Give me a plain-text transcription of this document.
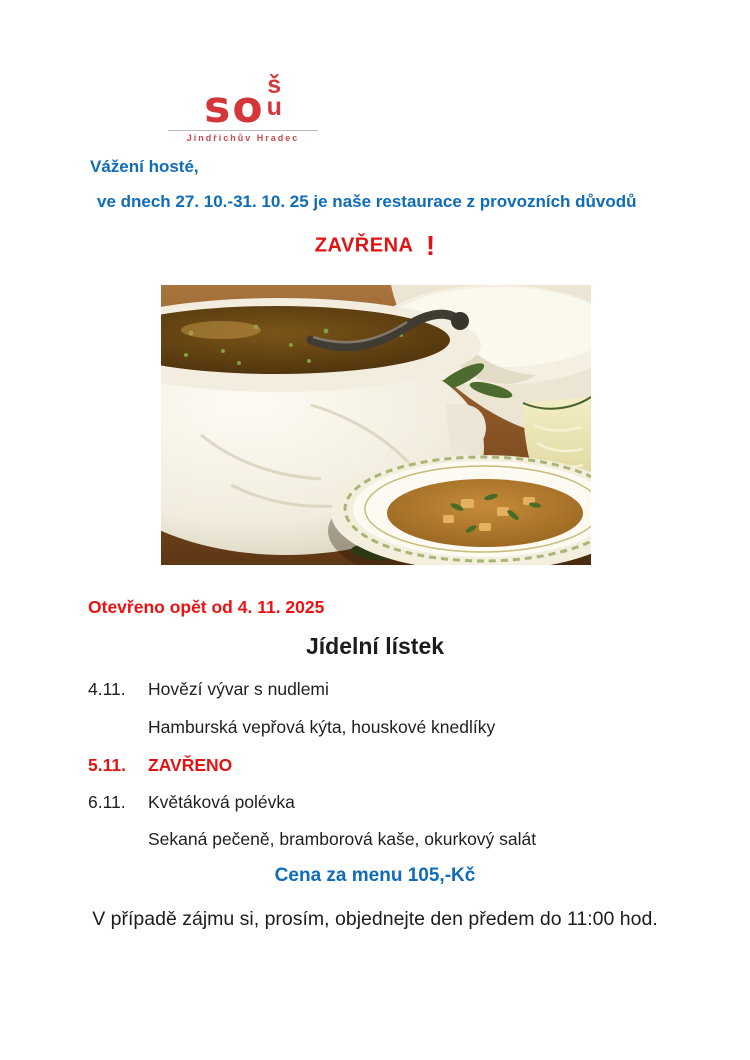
so š
u
Jindřichův Hradec
Vážení hosté,
ve dnech 27. 10.-31. 10. 25 je naše restaurace z provozních důvodů
ZAVŘENA !
Otevřeno opět od 4. 11. 2025
Jídelní lístek
4.11.	Hovězí vývar s nudlemi
Hamburská vepřová kýta, houskové knedlíky
5.11.	ZAVŘENO
6.11.	Květáková polévka
Sekaná pečeně, bramborová kaše, okurkový salát
Cena za menu 105,-Kč
V případě zájmu si, prosím, objednejte den předem do 11:00 hod.
